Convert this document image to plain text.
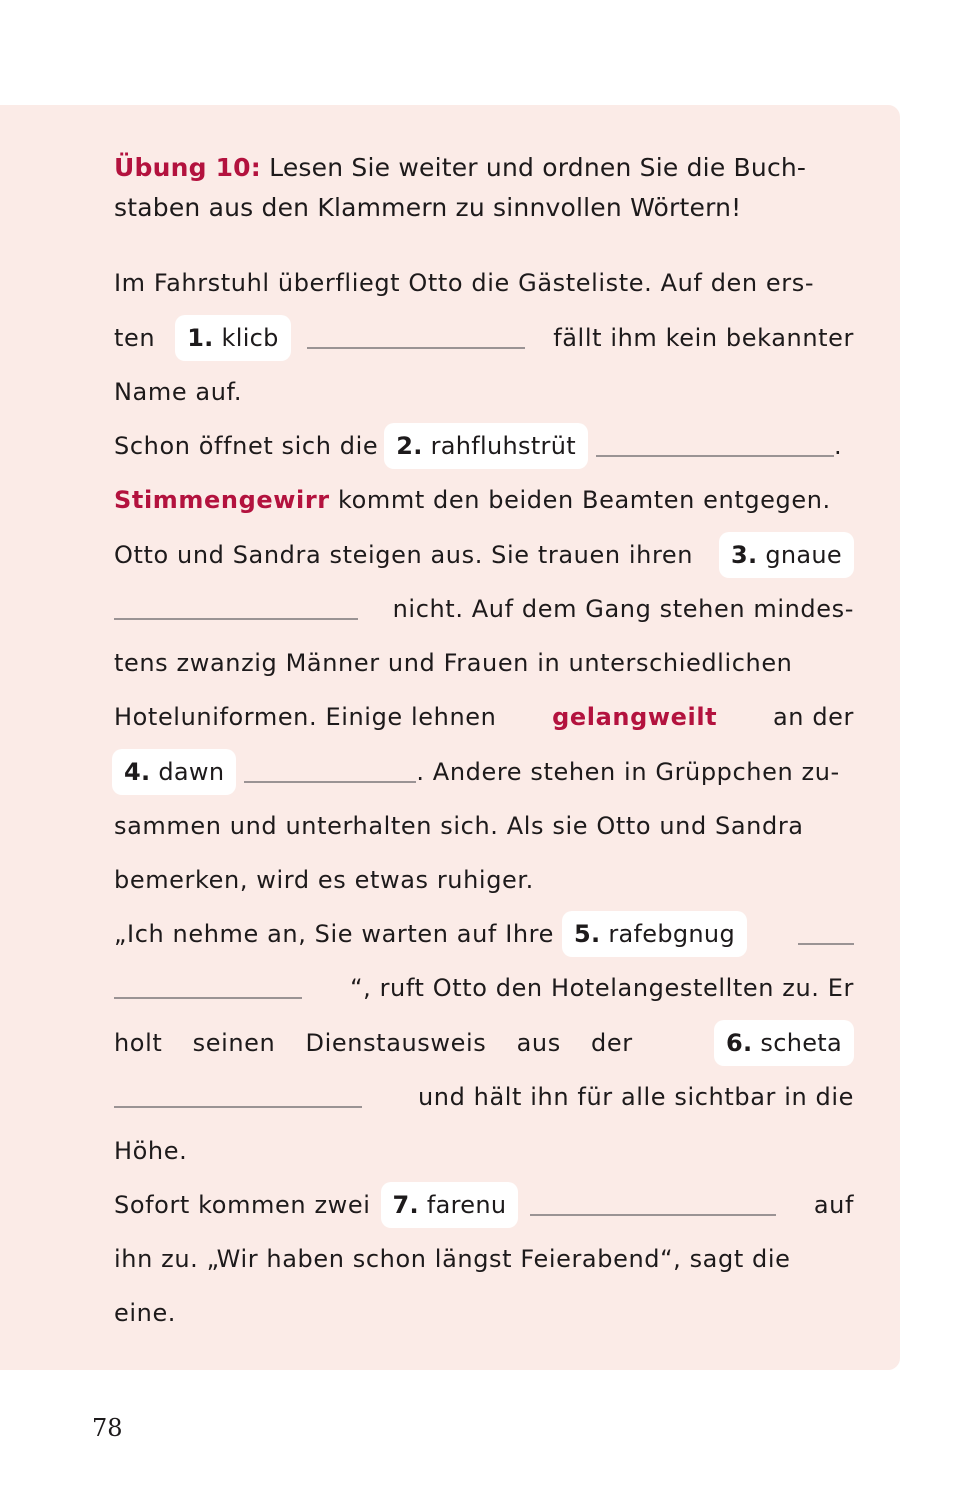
Übung 10: Lesen Sie weiter und ordnen Sie die Buch-
staben aus den Klammern zu sinnvollen Wörtern!
Im Fahrstuhl überfliegt Otto die Gästeliste. Auf den ers-
ten	1. klicb	fällt ihm kein bekannter
Name auf.
Schon öffnet sich die 2. rahfluhstrüt	.
Stimmengewirr kommt den beiden Beamten entgegen.
Otto und Sandra steigen aus. Sie trauen ihren	3. gnaue
nicht. Auf dem Gang stehen mindes-
tens zwanzig Männer und Frauen in unterschiedlichen
Hoteluniformen. Einige lehnen gelangweilt an der
4. dawn	. Andere stehen in Grüppchen zu-
sammen und unterhalten sich. Als sie Otto und Sandra
bemerken, wird es etwas ruhiger.
„Ich nehme an, Sie warten auf Ihre 5. rafebgnug
“, ruft Otto den Hotelangestellten zu. Er
holt seinen Dienstausweis aus der	6. scheta
und hält ihn für alle sichtbar in die
Höhe.
Sofort kommen zwei 7. farenu	auf
ihn zu. „Wir haben schon längst Feierabend“, sagt die
eine.
78
